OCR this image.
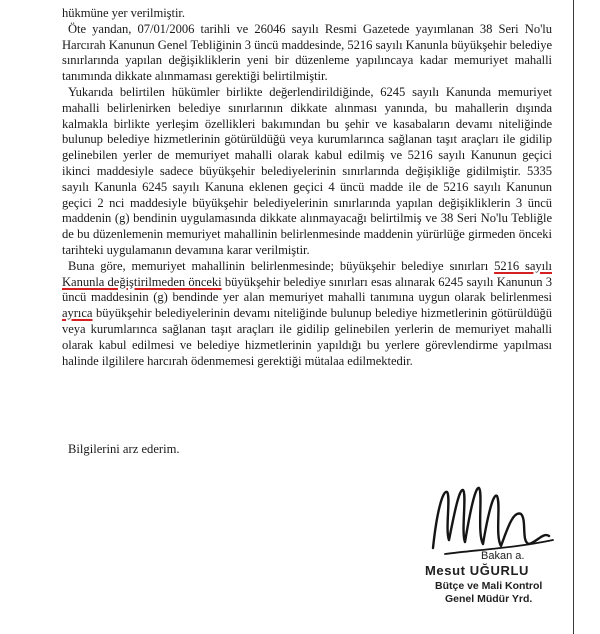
hükmüne yer verilmiştir.

Öte yandan, 07/01/2006 tarihli ve 26046 sayılı Resmi Gazetede yayımlanan 38 Seri No'lu Harcırah Kanunun Genel Tebliğinin 3 üncü maddesinde, 5216 sayılı Kanunla büyükşehir belediye sınırlarında yapılan değişikliklerin yeni bir düzenleme yapılıncaya kadar memuriyet mahalli tanımında dikkate alınmaması gerektiği belirtilmiştir.

Yukarıda belirtilen hükümler birlikte değerlendirildiğinde, 6245 sayılı Kanunda memuriyet mahalli belirlenirken belediye sınırlarının dikkate alınması yanında, bu mahallerin dışında kalmakla birlikte yerleşim özellikleri bakımından bu şehir ve kasabaların devamı niteliğinde bulunup belediye hizmetlerinin götürüldüğü veya kurumlarınca sağlanan taşıt araçları ile gidilip gelinebilen yerler de memuriyet mahalli olarak kabul edilmiş ve 5216 sayılı Kanunun geçici ikinci maddesiyle sadece büyükşehir belediyelerinin sınırlarında değişikliğe gidilmiştir. 5335 sayılı Kanunla 6245 sayılı Kanuna eklenen geçici 4 üncü madde ile de 5216 sayılı Kanunun geçici 2 nci maddesiyle büyükşehir belediyelerinin sınırlarında yapılan değişikliklerin 3 üncü maddenin (g) bendinin uygulamasında dikkate alınmayacağı belirtilmiş ve 38 Seri No'lu Tebliğle de bu düzenlemenin memuriyet mahallinin belirlenmesinde maddenin yürürlüğe girmeden önceki tarihteki uygulamanın devamına karar verilmiştir.

Buna göre, memuriyet mahallinin belirlenmesinde; büyükşehir belediye sınırları 5216 sayılı Kanunla değiştirilmeden önceki büyükşehir belediye sınırları esas alınarak 6245 sayılı Kanunun 3 üncü maddesinin (g) bendinde yer alan memuriyet mahalli tanımına uygun olarak belirlenmesi ayrıca büyükşehir belediyelerinin devamı niteliğinde bulunup belediye hizmetlerinin götürüldüğü veya kurumlarınca sağlanan taşıt araçları ile gidilip gelinebilen yerlerin de memuriyet mahalli olarak kabul edilmesi ve belediye hizmetlerinin yapıldığı bu yerlere görevlendirme yapılması halinde ilgililere harcırah ödenmemesi gerektiği mütalaa edilmektedir.

Bilgilerini arz ederim.
Bakan a.
Mesut UĞURLU
Bütçe ve Mali Kontrol
Genel Müdür Yrd.
